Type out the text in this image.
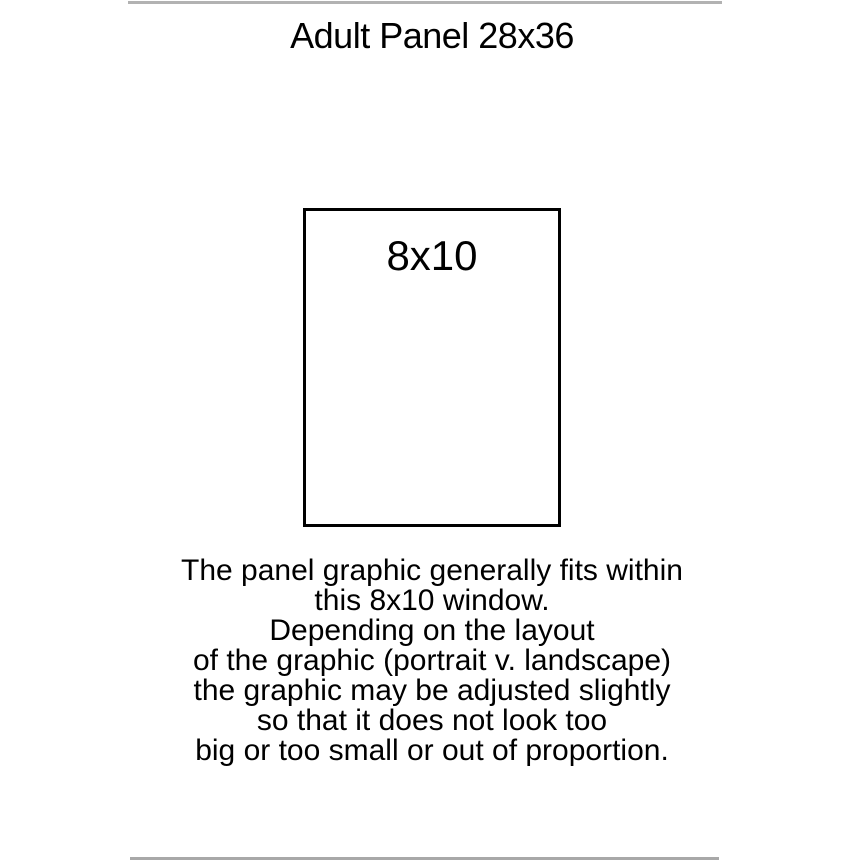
Adult Panel 28x36
8x10
The panel graphic generally fits within
this 8x10 window.
Depending on the layout
of the graphic (portrait v. landscape)
the graphic may be adjusted slightly
so that it does not look too
big or too small or out of proportion.
